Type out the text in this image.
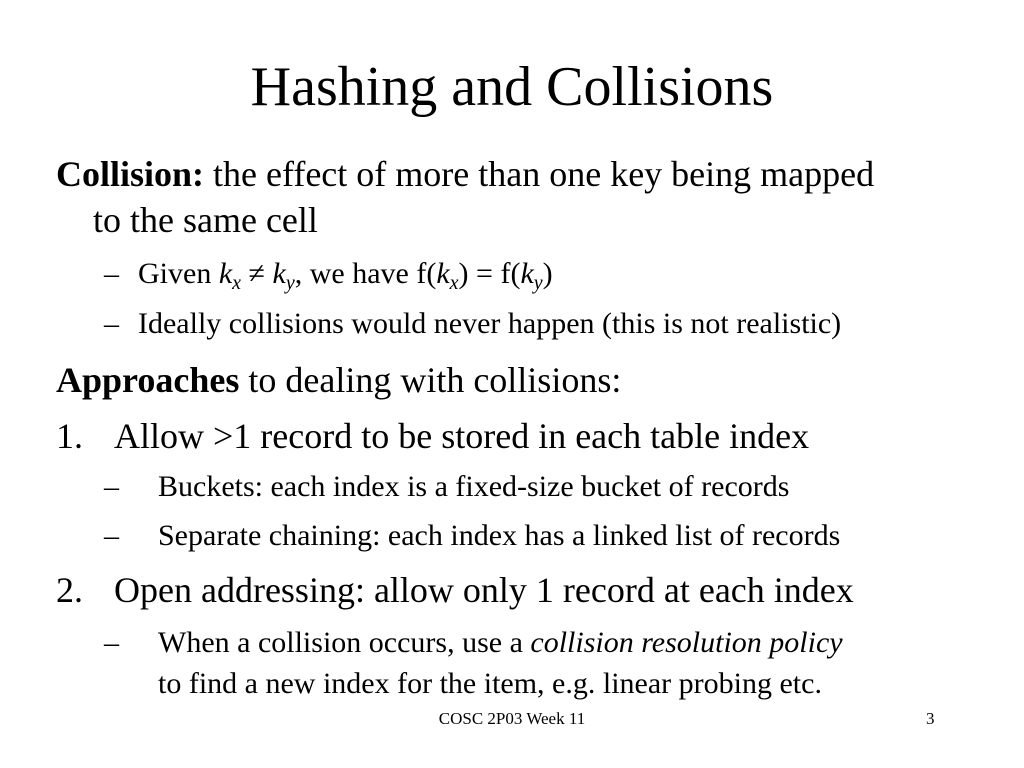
Hashing and Collisions
Collision: the effect of more than one key being mapped
to the same cell
– Given $k_x \ne k_y$, we have $f(k_x) = f(k_y)$
– Ideally collisions would never happen (this is not realistic)
Approaches to dealing with collisions:
1. Allow >1 record to be stored in each table index
– Buckets: each index is a fixed-size bucket of records
– Separate chaining: each index has a linked list of records
2. Open addressing: allow only 1 record at each index
– When a collision occurs, use a collision resolution policy
to find a new index for the item, e.g. linear probing etc.
COSC 2P03 Week 11	3
